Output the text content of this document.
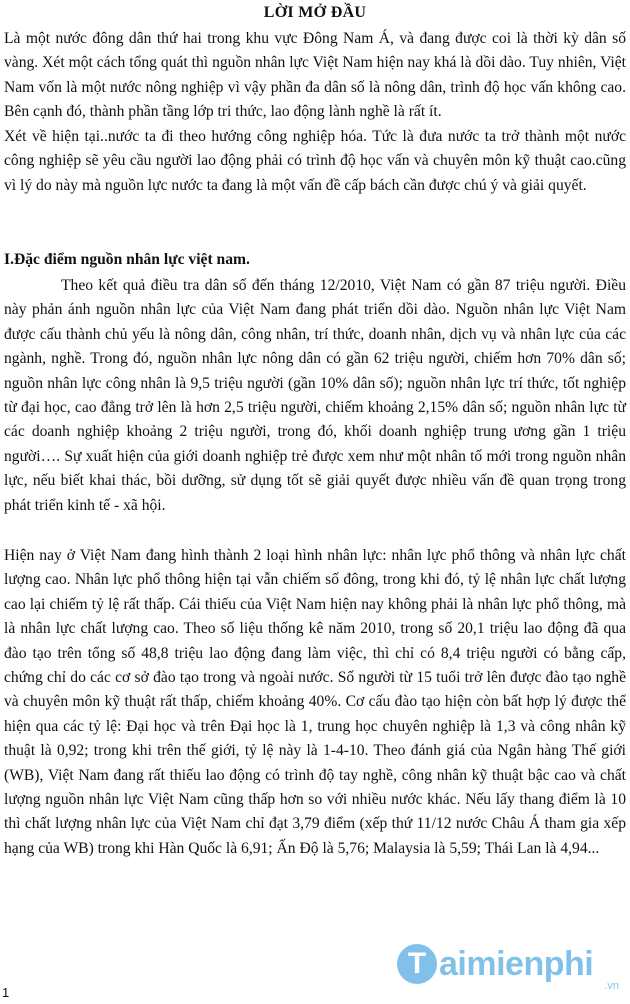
LỜI MỞ ĐẦU
Là một nước đông dân thứ hai trong khu vực Đông Nam Á, và đang được coi là thời kỳ dân số vàng. Xét một cách tổng quát thì nguồn nhân lực Việt Nam hiện nay khá là dồi dào. Tuy nhiên, Việt Nam vốn là một nước nông nghiệp vì vậy phần đa dân số là nông dân, trình độ học vấn không cao. Bên cạnh đó, thành phần tầng lớp tri thức, lao động lành nghề là rất ít.
Xét về hiện tại..nước ta đi theo hướng công nghiệp hóa. Tức là đưa nước ta trở thành một nước công nghiệp sẽ yêu cầu người lao động phải có trình độ học vấn và chuyên môn kỹ thuật cao.cũng vì lý do này mà nguồn lực nước ta đang là một vấn đề cấp bách cần được chú ý và giải quyết.
I.Đặc điểm nguồn nhân lực việt nam.
Theo kết quả điều tra dân số đến tháng 12/2010, Việt Nam có gần 87 triệu người. Điều này phản ánh nguồn nhân lực của Việt Nam đang phát triển dồi dào. Nguồn nhân lực Việt Nam được cấu thành chủ yếu là nông dân, công nhân, trí thức, doanh nhân, dịch vụ và nhân lực của các ngành, nghề. Trong đó, nguồn nhân lực nông dân có gần 62 triệu người, chiếm hơn 70% dân số; nguồn nhân lực công nhân là 9,5 triệu người (gần 10% dân số); nguồn nhân lực trí thức, tốt nghiệp từ đại học, cao đẳng trở lên là hơn 2,5 triệu người, chiếm khoảng 2,15% dân số; nguồn nhân lực từ các doanh nghiệp khoảng 2 triệu người, trong đó, khối doanh nghiệp trung ương gần 1 triệu người…. Sự xuất hiện của giới doanh nghiệp trẻ được xem như một nhân tố mới trong nguồn nhân lực, nếu biết khai thác, bồi dưỡng, sử dụng tốt sẽ giải quyết được nhiều vấn đề quan trọng trong phát triển kinh tế - xã hội.
Hiện nay ở Việt Nam đang hình thành 2 loại hình nhân lực: nhân lực phổ thông và nhân lực chất lượng cao. Nhân lực phổ thông hiện tại vẫn chiếm số đông, trong khi đó, tỷ lệ nhân lực chất lượng cao lại chiếm tỷ lệ rất thấp. Cái thiếu của Việt Nam hiện nay không phải là nhân lực phổ thông, mà là nhân lực chất lượng cao. Theo số liệu thống kê năm 2010, trong số 20,1 triệu lao động đã qua đào tạo trên tổng số 48,8 triệu lao động đang làm việc, thì chỉ có 8,4 triệu người có bằng cấp, chứng chỉ do các cơ sở đào tạo trong và ngoài nước. Số người từ 15 tuổi trở lên được đào tạo nghề và chuyên môn kỹ thuật rất thấp, chiếm khoảng 40%. Cơ cấu đào tạo hiện còn bất hợp lý được thể hiện qua các tỷ lệ: Đại học và trên Đại học là 1, trung học chuyên nghiệp là 1,3 và công nhân kỹ thuật là 0,92; trong khi trên thế giới, tỷ lệ này là 1-4-10. Theo đánh giá của Ngân hàng Thế giới (WB), Việt Nam đang rất thiếu lao động có trình độ tay nghề, công nhân kỹ thuật bậc cao và chất lượng nguồn nhân lực Việt Nam cũng thấp hơn so với nhiều nước khác. Nếu lấy thang điểm là 10 thì chất lượng nhân lực của Việt Nam chỉ đạt 3,79 điểm (xếp thứ 11/12 nước Châu Á tham gia xếp hạng của WB) trong khi Hàn Quốc là 6,91; Ấn Độ là 5,76; Malaysia là 5,59; Thái Lan là 4,94...
T aimienphi
.vn
1
